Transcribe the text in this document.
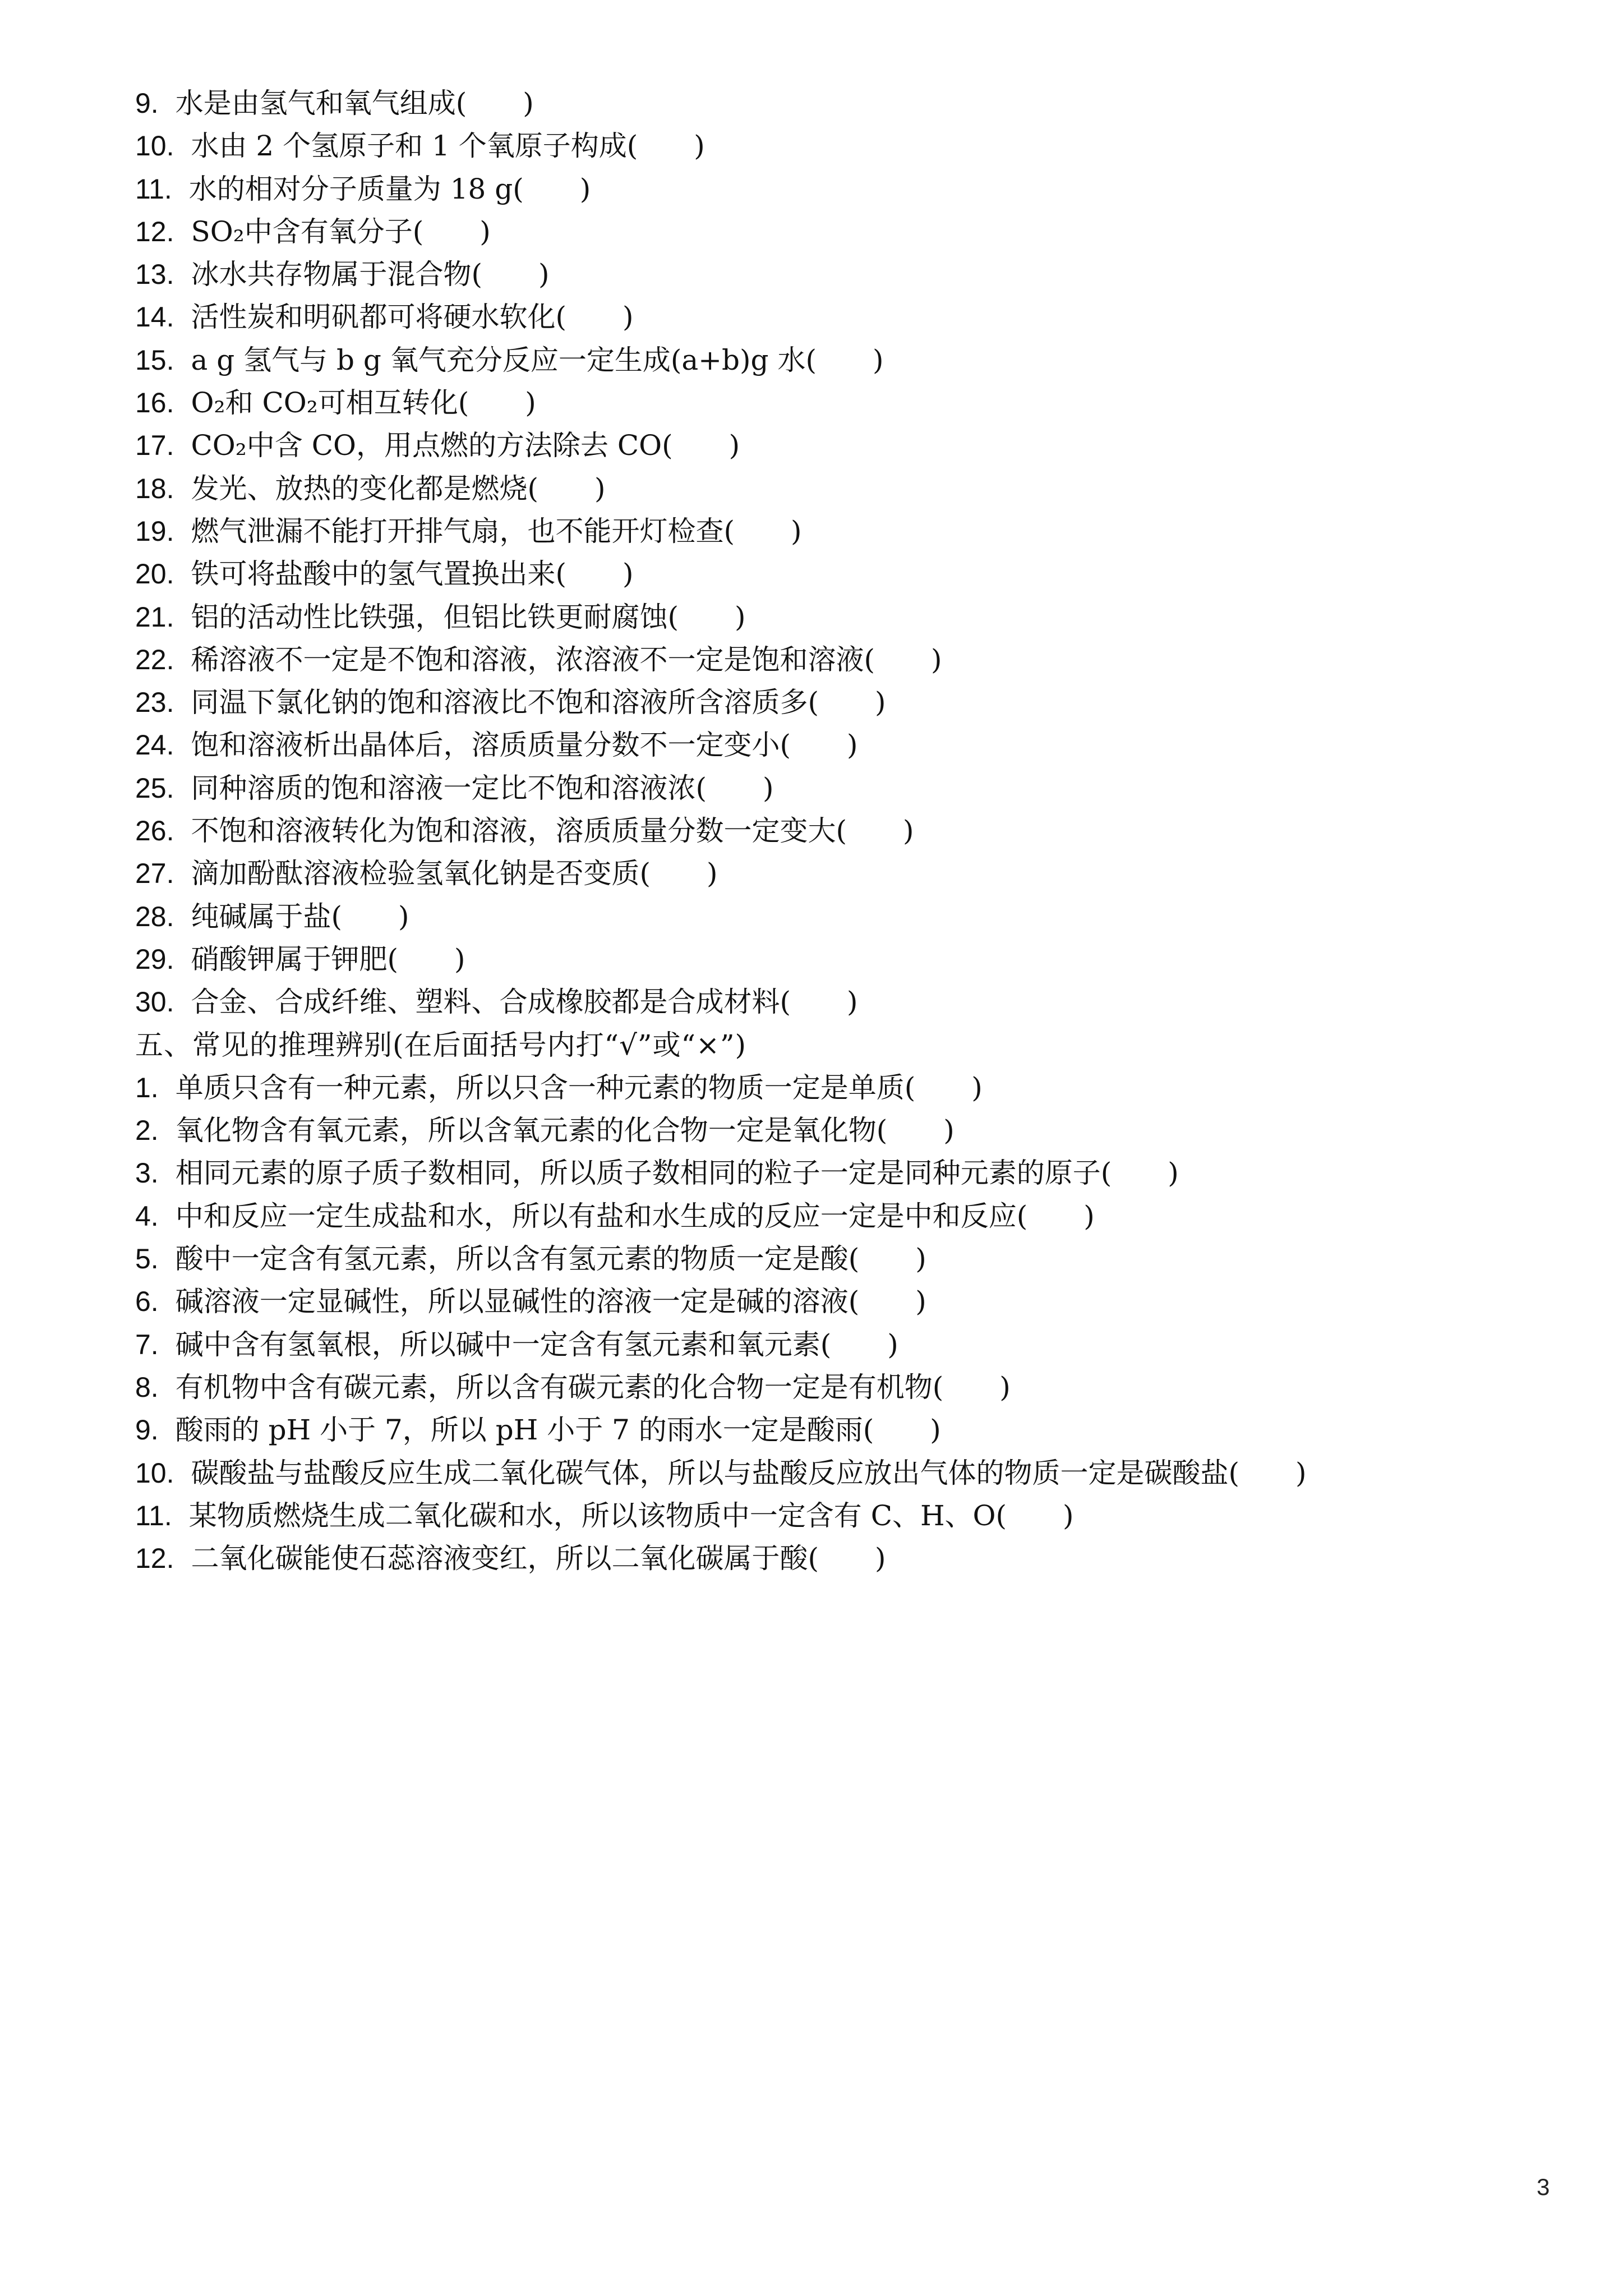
9. 水是由氢气和氧气组成(　　)
10. 水由 2 个氢原子和 1 个氧原子构成(　　)
11. 水的相对分子质量为 18 g(　　)
12. SO₂中含有氧分子(　　)
13. 冰水共存物属于混合物(　　)
14. 活性炭和明矾都可将硬水软化(　　)
15. a g 氢气与 b g 氧气充分反应一定生成(a+b)g 水(　　)
16. O₂和 CO₂可相互转化(　　)
17. CO₂中含 CO，用点燃的方法除去 CO(　　)
18. 发光、放热的变化都是燃烧(　　)
19. 燃气泄漏不能打开排气扇，也不能开灯检查(　　)
20. 铁可将盐酸中的氢气置换出来(　　)
21. 铝的活动性比铁强，但铝比铁更耐腐蚀(　　)
22. 稀溶液不一定是不饱和溶液，浓溶液不一定是饱和溶液(　　)
23. 同温下氯化钠的饱和溶液比不饱和溶液所含溶质多(　　)
24. 饱和溶液析出晶体后，溶质质量分数不一定变小(　　)
25. 同种溶质的饱和溶液一定比不饱和溶液浓(　　)
26. 不饱和溶液转化为饱和溶液，溶质质量分数一定变大(　　)
27. 滴加酚酞溶液检验氢氧化钠是否变质(　　)
28. 纯碱属于盐(　　)
29. 硝酸钾属于钾肥(　　)
30. 合金、合成纤维、塑料、合成橡胶都是合成材料(　　)
五、常见的推理辨别(在后面括号内打“√”或“×”)
1. 单质只含有一种元素，所以只含一种元素的物质一定是单质(　　)
2. 氧化物含有氧元素，所以含氧元素的化合物一定是氧化物(　　)
3. 相同元素的原子质子数相同，所以质子数相同的粒子一定是同种元素的原子(　　)
4. 中和反应一定生成盐和水，所以有盐和水生成的反应一定是中和反应(　　)
5. 酸中一定含有氢元素，所以含有氢元素的物质一定是酸(　　)
6. 碱溶液一定显碱性，所以显碱性的溶液一定是碱的溶液(　　)
7. 碱中含有氢氧根，所以碱中一定含有氢元素和氧元素(　　)
8. 有机物中含有碳元素，所以含有碳元素的化合物一定是有机物(　　)
9. 酸雨的 pH 小于 7，所以 pH 小于 7 的雨水一定是酸雨(　　)
10. 碳酸盐与盐酸反应生成二氧化碳气体，所以与盐酸反应放出气体的物质一定是碳酸盐(　　)
11. 某物质燃烧生成二氧化碳和水，所以该物质中一定含有 C、H、O(　　)
12. 二氧化碳能使石蕊溶液变红，所以二氧化碳属于酸(　　)
3
